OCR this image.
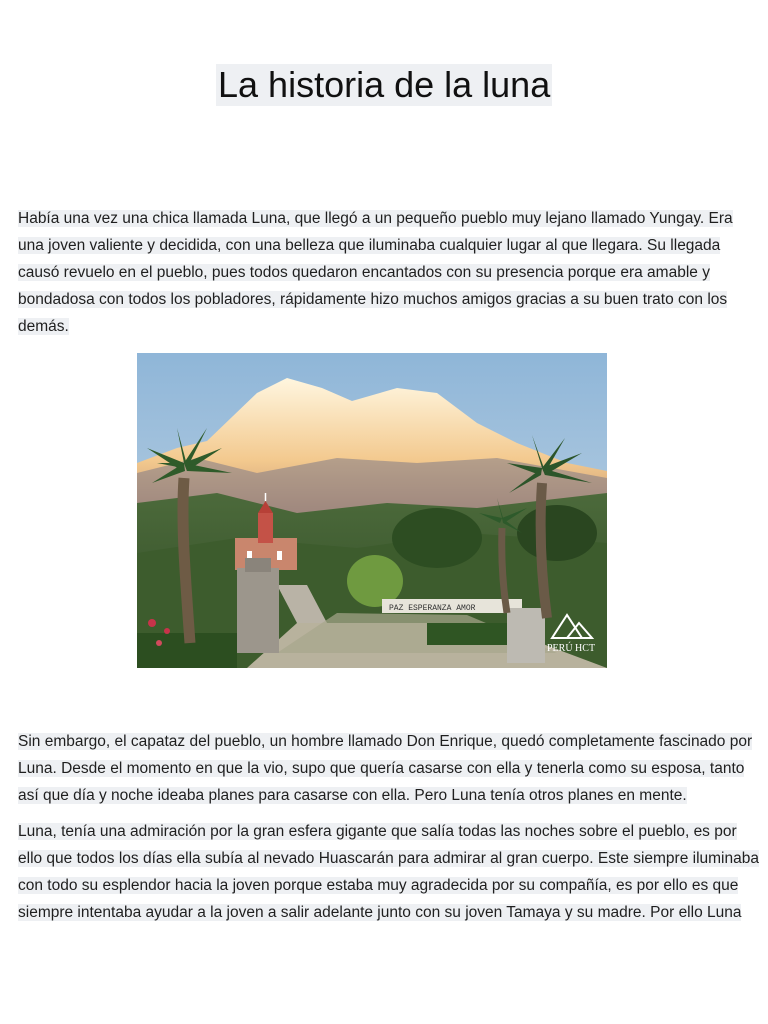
La historia de la luna
Había una vez una chica llamada Luna, que llegó a un pequeño pueblo muy lejano llamado Yungay. Era
una joven valiente y decidida, con una belleza que iluminaba cualquier lugar al que llegara. Su llegada
causó revuelo en el pueblo, pues todos quedaron encantados con su presencia porque era amable y
bondadosa con todos los pobladores, rápidamente hizo muchos amigos gracias a su buen trato con los
demás.
PAZ ESPERANZA AMOR
PERÚ HCT
Sin embargo, el capataz del pueblo, un hombre llamado Don Enrique, quedó completamente fascinado por
Luna. Desde el momento en que la vio, supo que quería casarse con ella y tenerla como su esposa, tanto
así que día y noche ideaba planes para casarse con ella. Pero Luna tenía otros planes en mente.
Luna, tenía una admiración por la gran esfera gigante que salía todas las noches sobre el pueblo, es por
ello que todos los días ella subía al nevado Huascarán para admirar al gran cuerpo. Este siempre iluminaba
con todo su esplendor hacia la joven porque estaba muy agradecida por su compañía, es por ello es que
siempre intentaba ayudar a la joven a salir adelante junto con su joven Tamaya y su madre. Por ello Luna
